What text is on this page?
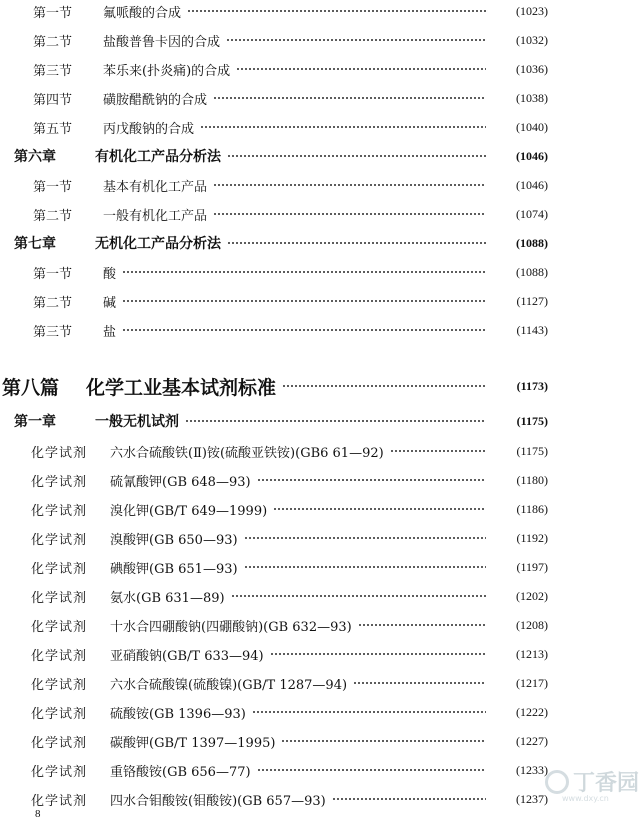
第一节	氟哌酸的合成	(1023)
第二节	盐酸普鲁卡因的合成	(1032)
第三节	苯乐来(扑炎痛)的合成	(1036)
第四节	磺胺醋酰钠的合成	(1038)
第五节	丙戊酸钠的合成	(1040)
第六章	有机化工产品分析法	(1046)
第一节	基本有机化工产品	(1046)
第二节	一般有机化工产品	(1074)
第七章	无机化工产品分析法	(1088)
第一节	酸	(1088)
第二节	碱	(1127)
第三节	盐	(1143)
第八篇	化学工业基本试剂标准	(1173)
第一章	一般无机试剂	(1175)
化学试剂	六水合硫酸铁(Ⅱ)铵(硫酸亚铁铵)(GB6 61—92)	(1175)
化学试剂	硫氰酸钾(GB 648—93)	(1180)
化学试剂	溴化钾(GB/T 649—1999)	(1186)
化学试剂	溴酸钾(GB 650—93)	(1192)
化学试剂	碘酸钾(GB 651—93)	(1197)
化学试剂	氨水(GB 631—89)	(1202)
化学试剂	十水合四硼酸钠(四硼酸钠)(GB 632—93)	(1208)
化学试剂	亚硝酸钠(GB/T 633—94)	(1213)
化学试剂	六水合硫酸镍(硫酸镍)(GB/T 1287—94)	(1217)
化学试剂	硫酸铵(GB 1396—93)	(1222)
化学试剂	碳酸钾(GB/T 1397—1995)	(1227)
化学试剂	重铬酸铵(GB 656—77)	(1233)
化学试剂	四水合钼酸铵(钼酸铵)(GB 657—93)	(1237)
8
丁香园
www.dxy.cn
